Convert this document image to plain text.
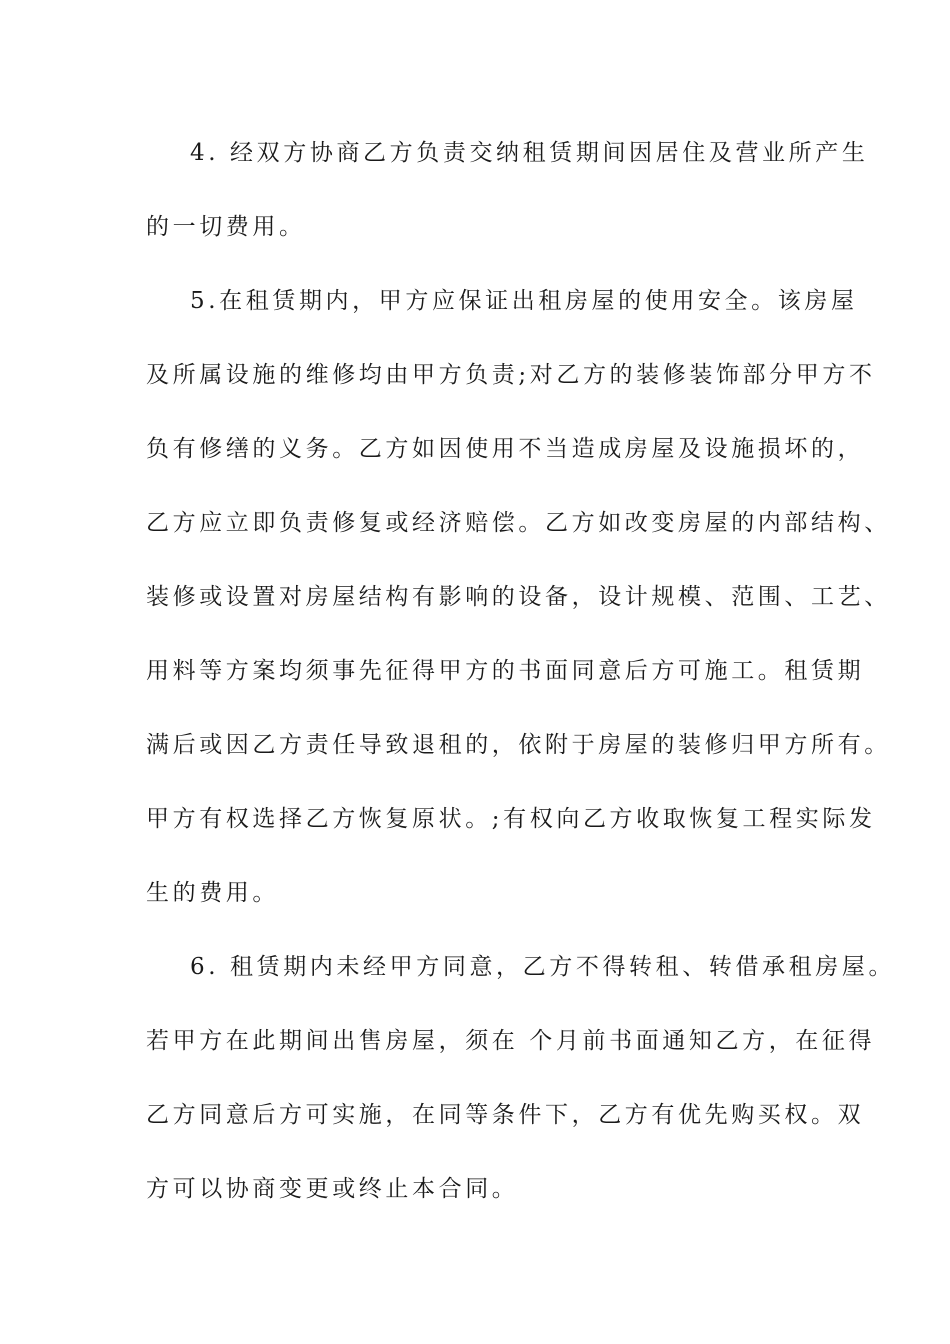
4. 经双方协商乙方负责交纳租赁期间因居住及营业所产生
的一切费用。
5.在租赁期内，甲方应保证出租房屋的使用安全。该房屋
及所属设施的维修均由甲方负责;对乙方的装修装饰部分甲方不
负有修缮的义务。乙方如因使用不当造成房屋及设施损坏的，
乙方应立即负责修复或经济赔偿。乙方如改变房屋的内部结构、
装修或设置对房屋结构有影响的设备，设计规模、范围、工艺、
用料等方案均须事先征得甲方的书面同意后方可施工。租赁期
满后或因乙方责任导致退租的，依附于房屋的装修归甲方所有。
甲方有权选择乙方恢复原状。;有权向乙方收取恢复工程实际发
生的费用。
6. 租赁期内未经甲方同意，乙方不得转租、转借承租房屋。
若甲方在此期间出售房屋，须在 个月前书面通知乙方，在征得
乙方同意后方可实施，在同等条件下，乙方有优先购买权。双
方可以协商变更或终止本合同。
